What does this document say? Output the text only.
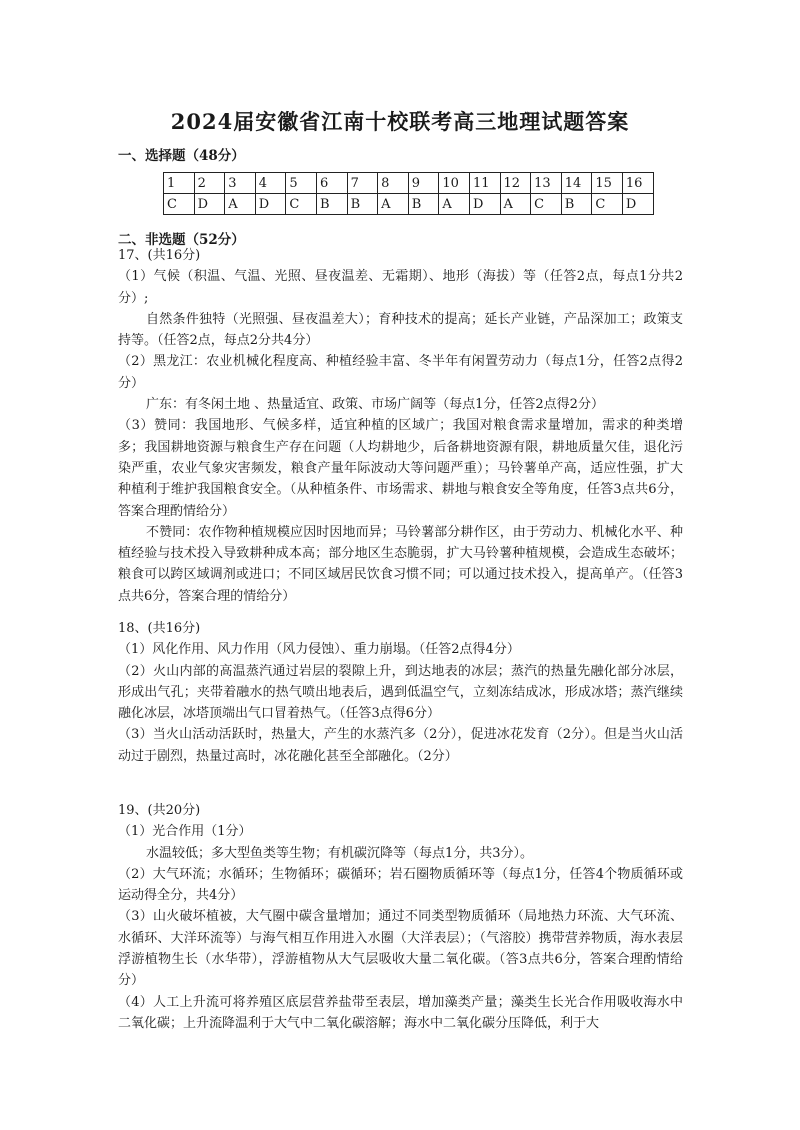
2024届安徽省江南十校联考高三地理试题答案
一、选择题（48分）
1	2	3	4	5	6	7	8	9	10	11	12	13	14	15	16
C	D	A	D	C	B	B	A	B	A	D	A	C	B	C	D
二、非选题（52分）

17、(共16分)

（1）气候（积温、气温、光照、昼夜温差、无霜期）、地形（海拔）等（任答2点，每点1分共2分）;

自然条件独特（光照强、昼夜温差大）；育种技术的提高；延长产业链，产品深加工；政策支持等。（任答2点，每点2分共4分）

（2）黑龙江：农业机械化程度高、种植经验丰富、冬半年有闲置劳动力（每点1分，任答2点得2分）

广东：有冬闲土地 、热量适宜、政策、市场广阔等（每点1分，任答2点得2分）

（3）赞同：我国地形、气候多样，适宜种植的区域广；我国对粮食需求量增加，需求的种类增多；我国耕地资源与粮食生产存在问题（人均耕地少，后备耕地资源有限，耕地质量欠佳，退化污染严重，农业气象灾害频发，粮食产量年际波动大等问题严重）；马铃薯单产高，适应性强，扩大种植利于维护我国粮食安全。（从种植条件、市场需求、耕地与粮食安全等角度，任答3点共6分，答案合理酌情给分）

不赞同：农作物种植规模应因时因地而异；马铃薯部分耕作区，由于劳动力、机械化水平、种植经验与技术投入导致耕种成本高；部分地区生态脆弱，扩大马铃薯种植规模，会造成生态破坏；粮食可以跨区域调剂或进口；不同区域居民饮食习惯不同；可以通过技术投入，提高单产。（任答3点共6分，答案合理的情给分）

18、(共16分)

（1）风化作用、风力作用（风力侵蚀）、重力崩塌。（任答2点得4分）

（2）火山内部的高温蒸汽通过岩层的裂隙上升，到达地表的冰层；蒸汽的热量先融化部分冰层，形成出气孔；夹带着融水的热气喷出地表后，遇到低温空气，立刻冻结成冰，形成冰塔；蒸汽继续融化冰层，冰塔顶端出气口冒着热气。（任答3点得6分）

（3）当火山活动活跃时，热量大，产生的水蒸汽多（2分），促进冰花发育（2分）。但是当火山活动过于剧烈，热量过高时，冰花融化甚至全部融化。（2分）

19、(共20分)

（1）光合作用（1分）

水温较低；多大型鱼类等生物；有机碳沉降等（每点1分，共3分）。

（2）大气环流；水循环；生物循环；碳循环；岩石圈物质循环等（每点1分，任答4个物质循环或运动得全分，共4分）

（3）山火破坏植被，大气圈中碳含量增加；通过不同类型物质循环（局地热力环流、大气环流、水循环、大洋环流等）与海气相互作用进入水圈（大洋表层）；（气溶胶）携带营养物质，海水表层浮游植物生长（水华带），浮游植物从大气层吸收大量二氧化碳。（答3点共6分，答案合理酌情给分）

（4）人工上升流可将养殖区底层营养盐带至表层，增加藻类产量；藻类生长光合作用吸收海水中二氧化碳；上升流降温利于大气中二氧化碳溶解；海水中二氧化碳分压降低，利于大
